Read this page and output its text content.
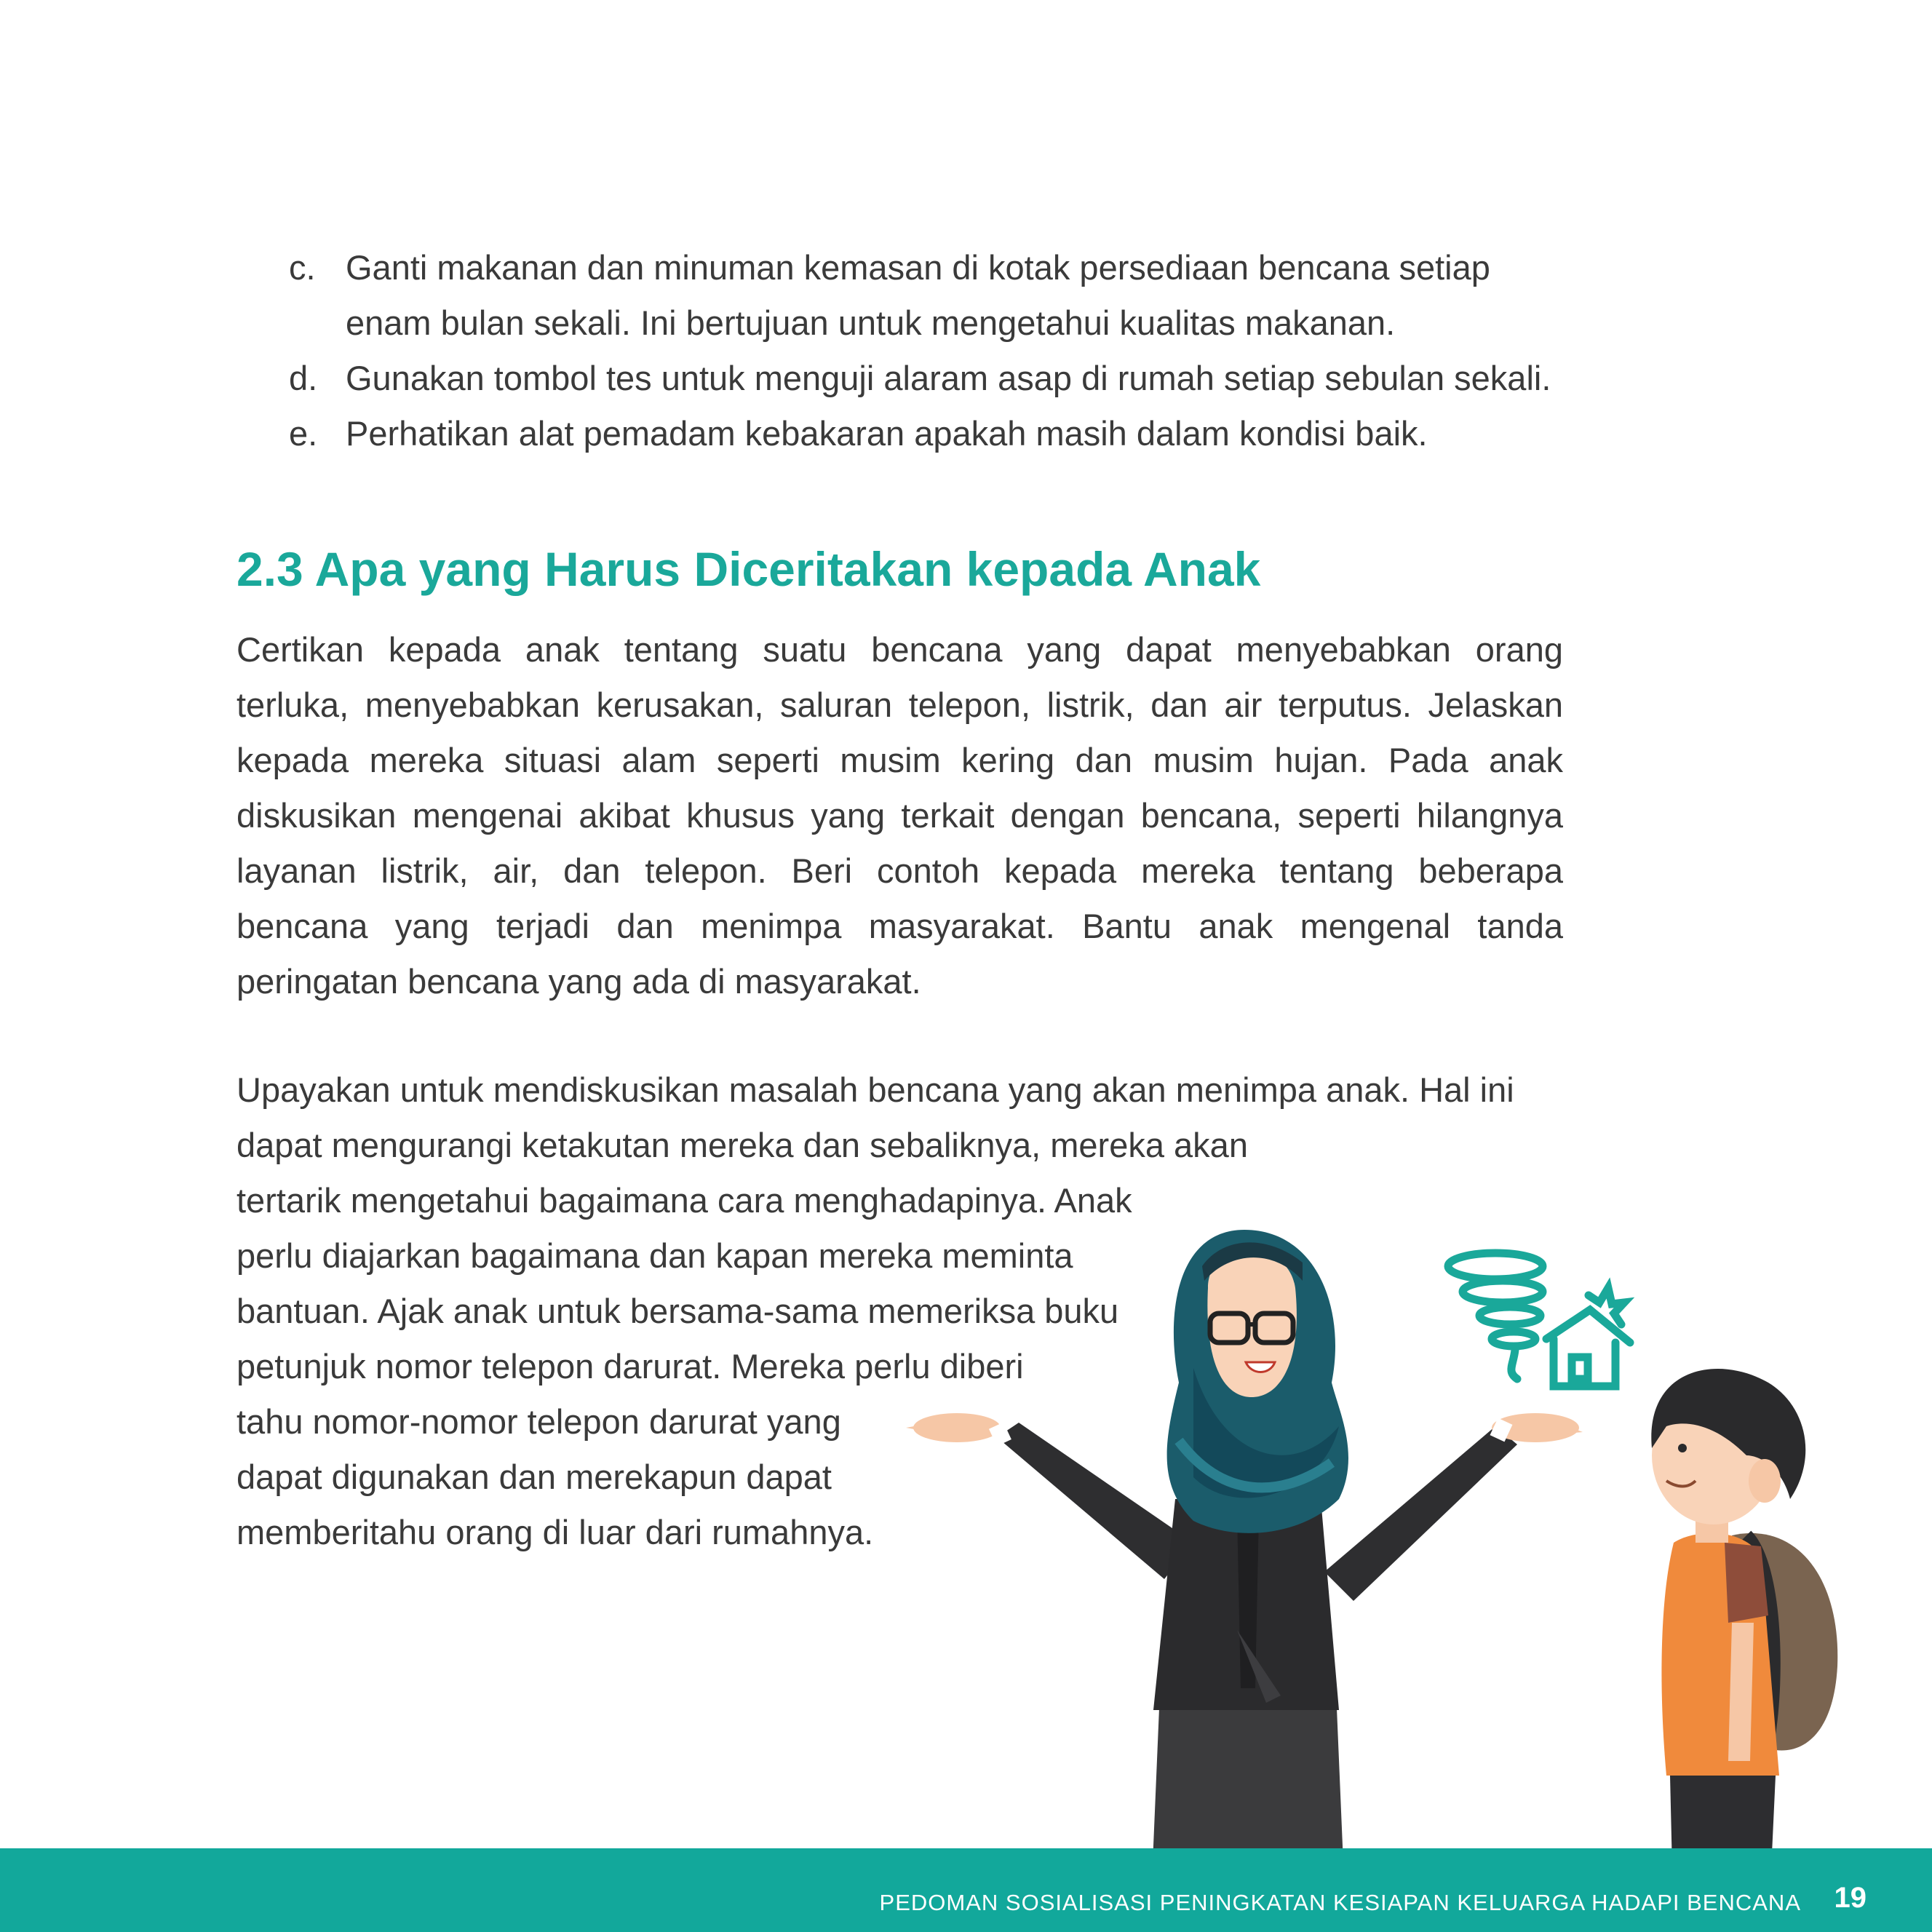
c. Ganti makanan dan minuman kemasan di kotak persediaan bencana setiap
enam bulan sekali. Ini bertujuan untuk mengetahui kualitas makanan.
d. Gunakan tombol tes untuk menguji alaram asap di rumah setiap sebulan sekali.
e. Perhatikan alat pemadam kebakaran apakah masih dalam kondisi baik.
2.3 Apa yang Harus Diceritakan kepada Anak

Certikan kepada anak tentang suatu bencana yang dapat menyebabkan orang
terluka, menyebabkan kerusakan, saluran telepon, listrik, dan air terputus. Jelaskan
kepada mereka situasi alam seperti musim kering dan musim hujan. Pada anak
diskusikan mengenai akibat khusus yang terkait dengan bencana, seperti hilangnya
layanan listrik, air, dan telepon. Beri contoh kepada mereka tentang beberapa
bencana yang terjadi dan menimpa masyarakat. Bantu anak mengenal tanda
peringatan bencana yang ada di masyarakat.

Upayakan untuk mendiskusikan masalah bencana yang akan menimpa anak. Hal ini
dapat mengurangi ketakutan mereka dan sebaliknya, mereka akan
tertarik mengetahui bagaimana cara menghadapinya. Anak
perlu diajarkan bagaimana dan kapan mereka meminta
bantuan. Ajak anak untuk bersama-sama memeriksa buku
petunjuk nomor telepon darurat. Mereka perlu diberi
tahu nomor-nomor telepon darurat yang
dapat digunakan dan merekapun dapat
memberitahu orang di luar dari rumahnya.

PEDOMAN SOSIALISASI PENINGKATAN KESIAPAN KELUARGA HADAPI BENCANA 19
